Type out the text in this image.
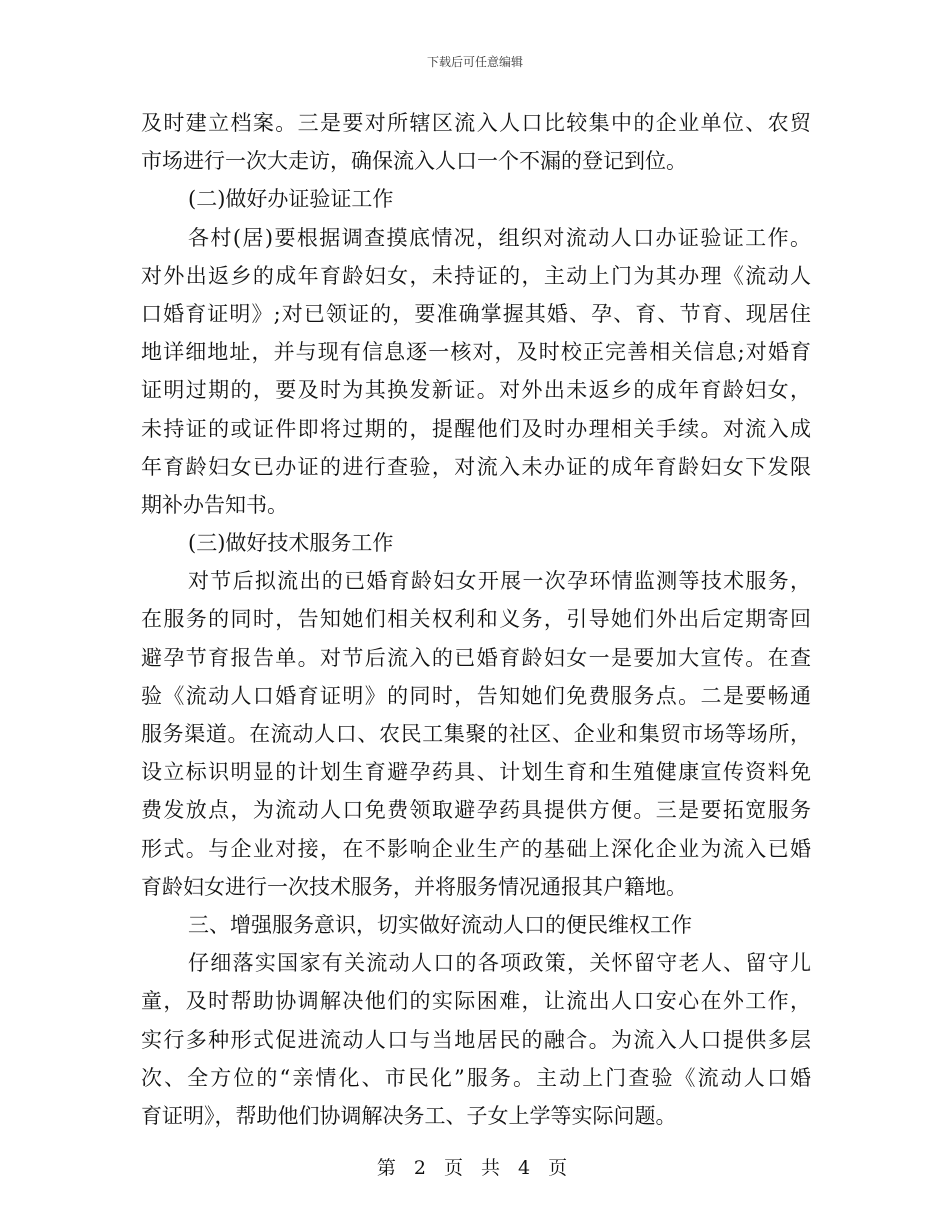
下载后可任意编辑
及时建立档案。三是要对所辖区流入人口比较集中的企业单位、农贸
市场进行一次大走访，确保流入人口一个不漏的登记到位。
(二)做好办证验证工作
各村(居)要根据调查摸底情况，组织对流动人口办证验证工作。
对外出返乡的成年育龄妇女，未持证的，主动上门为其办理《流动人
口婚育证明》;对已领证的，要准确掌握其婚、孕、育、节育、现居住
地详细地址，并与现有信息逐一核对，及时校正完善相关信息;对婚育
证明过期的，要及时为其换发新证。对外出未返乡的成年育龄妇女，
未持证的或证件即将过期的，提醒他们及时办理相关手续。对流入成
年育龄妇女已办证的进行查验，对流入未办证的成年育龄妇女下发限
期补办告知书。
(三)做好技术服务工作
对节后拟流出的已婚育龄妇女开展一次孕环情监测等技术服务，
在服务的同时，告知她们相关权利和义务，引导她们外出后定期寄回
避孕节育报告单。对节后流入的已婚育龄妇女一是要加大宣传。在查
验《流动人口婚育证明》的同时，告知她们免费服务点。二是要畅通
服务渠道。在流动人口、农民工集聚的社区、企业和集贸市场等场所，
设立标识明显的计划生育避孕药具、计划生育和生殖健康宣传资料免
费发放点，为流动人口免费领取避孕药具提供方便。三是要拓宽服务
形式。与企业对接，在不影响企业生产的基础上深化企业为流入已婚
育龄妇女进行一次技术服务，并将服务情况通报其户籍地。
三、增强服务意识，切实做好流动人口的便民维权工作
仔细落实国家有关流动人口的各项政策，关怀留守老人、留守儿
童，及时帮助协调解决他们的实际困难，让流出人口安心在外工作，
实行多种形式促进流动人口与当地居民的融合。为流入人口提供多层
次、全方位的“亲情化、市民化”服务。主动上门查验《流动人口婚
育证明》，帮助他们协调解决务工、子女上学等实际问题。
第 2 页 共 4 页
